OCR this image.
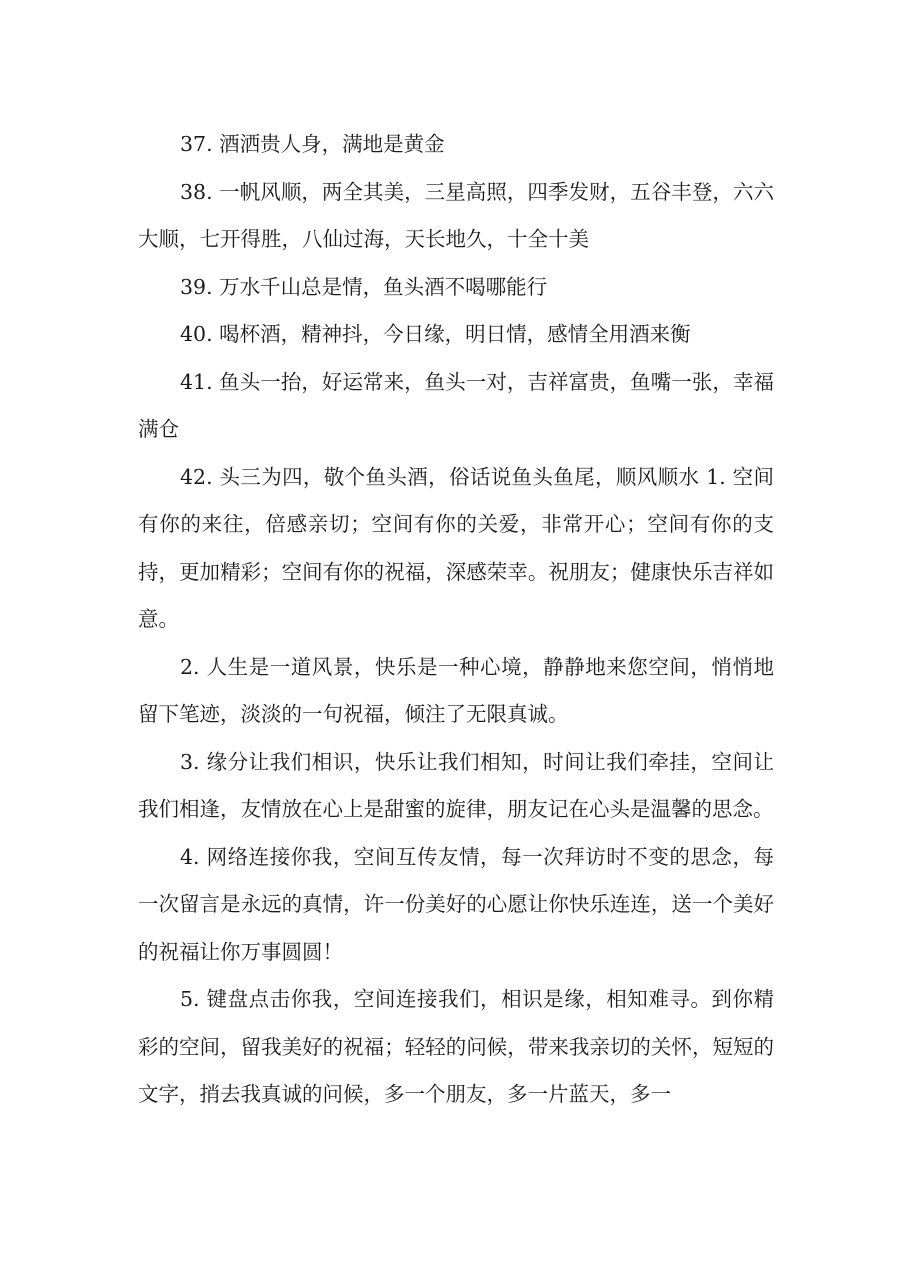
37. 酒洒贵人身，满地是黄金

38. 一帆风顺，两全其美，三星高照，四季发财，五谷丰登，六六大顺，七开得胜，八仙过海，天长地久，十全十美

39. 万水千山总是情，鱼头酒不喝哪能行

40. 喝杯酒，精神抖，今日缘，明日情，感情全用酒来衡

41. 鱼头一抬，好运常来，鱼头一对，吉祥富贵，鱼嘴一张，幸福满仓

42. 头三为四，敬个鱼头酒，俗话说鱼头鱼尾，顺风顺水 1. 空间有你的来往，倍感亲切；空间有你的关爱，非常开心；空间有你的支持，更加精彩；空间有你的祝福，深感荣幸。祝朋友；健康快乐吉祥如意。

2. 人生是一道风景，快乐是一种心境，静静地来您空间，悄悄地留下笔迹，淡淡的一句祝福，倾注了无限真诚。

3. 缘分让我们相识，快乐让我们相知，时间让我们牵挂，空间让我们相逢，友情放在心上是甜蜜的旋律，朋友记在心头是温馨的思念。

4. 网络连接你我，空间互传友情，每一次拜访时不变的思念，每一次留言是永远的真情，许一份美好的心愿让你快乐连连，送一个美好的祝福让你万事圆圆！

5. 键盘点击你我，空间连接我们，相识是缘，相知难寻。到你精彩的空间，留我美好的祝福；轻轻的问候，带来我亲切的关怀，短短的文字，捎去我真诚的问候，多一个朋友，多一片蓝天，多一
